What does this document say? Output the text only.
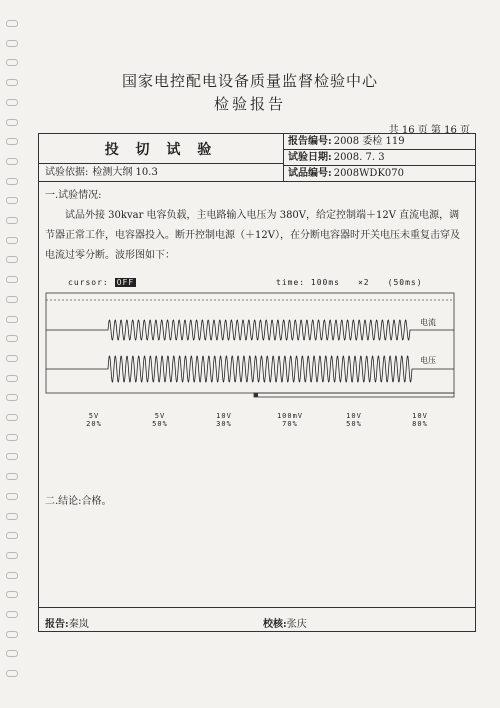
国家电控配电设备质量监督检验中心
检验报告
共 16 页 第 16 页
投 切 试 验
试验依据: 检测大纲 10.3
报告编号: 2008 委检 119
试验日期: 2008. 7. 3
试品编号: 2008WDK070
一.试验情况:
试品外接 30kvar 电容负载，主电路输入电压为 380V，给定控制端＋12V 直流电源，调节器正常工作，电容器投入。断开控制电源（＋12V），在分断电容器时开关电压未重复击穿及电流过零分断。波形图如下：
二.结论:合格。
报告:秦岚	校核:张庆
cursor: OFF	time: 100ms ×2 (50ms)
电流
电压
5V
20%
5V
50%
10V
30%
100mV
70%
10V
50%
10V
80%
